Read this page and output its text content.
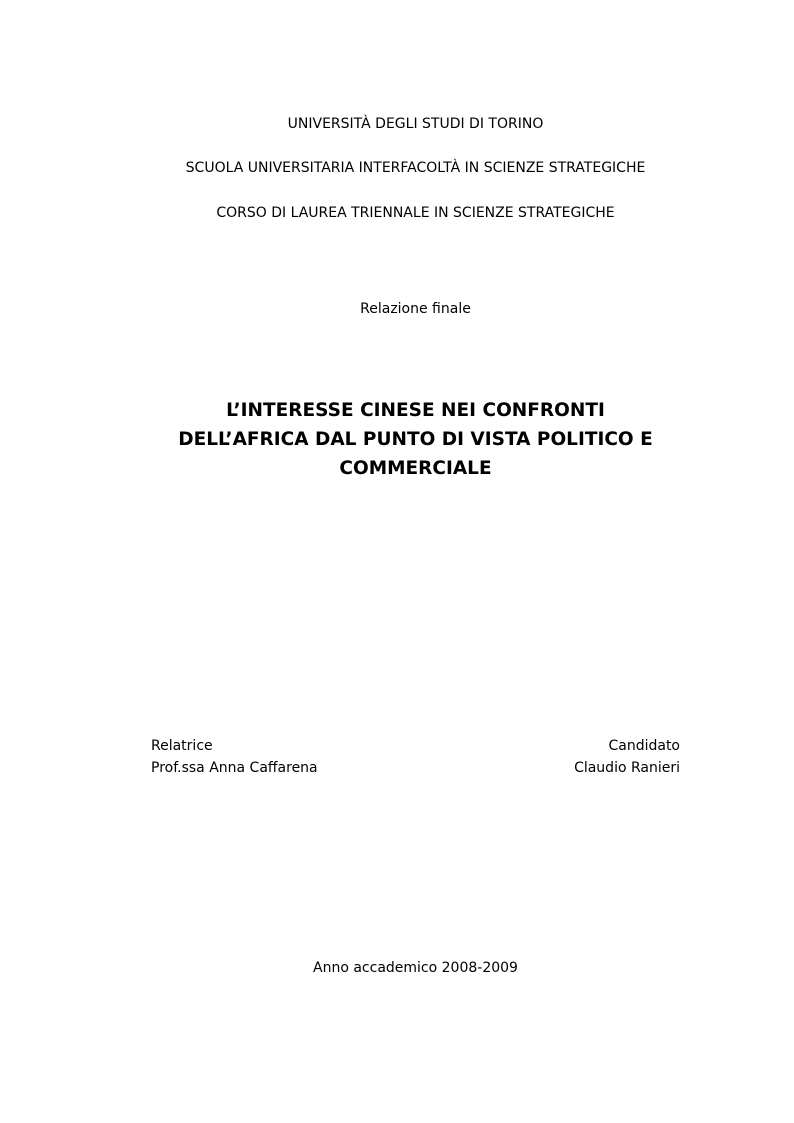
UNIVERSITÀ DEGLI STUDI DI TORINO
SCUOLA UNIVERSITARIA INTERFACOLTÀ IN SCIENZE STRATEGICHE
CORSO DI LAUREA TRIENNALE IN SCIENZE STRATEGICHE
Relazione finale
L’INTERESSE CINESE NEI CONFRONTI
DELL’AFRICA DAL PUNTO DI VISTA POLITICO E
COMMERCIALE
Relatrice
Prof.ssa Anna Caffarena
Candidato
Claudio Ranieri
Anno accademico 2008-2009
